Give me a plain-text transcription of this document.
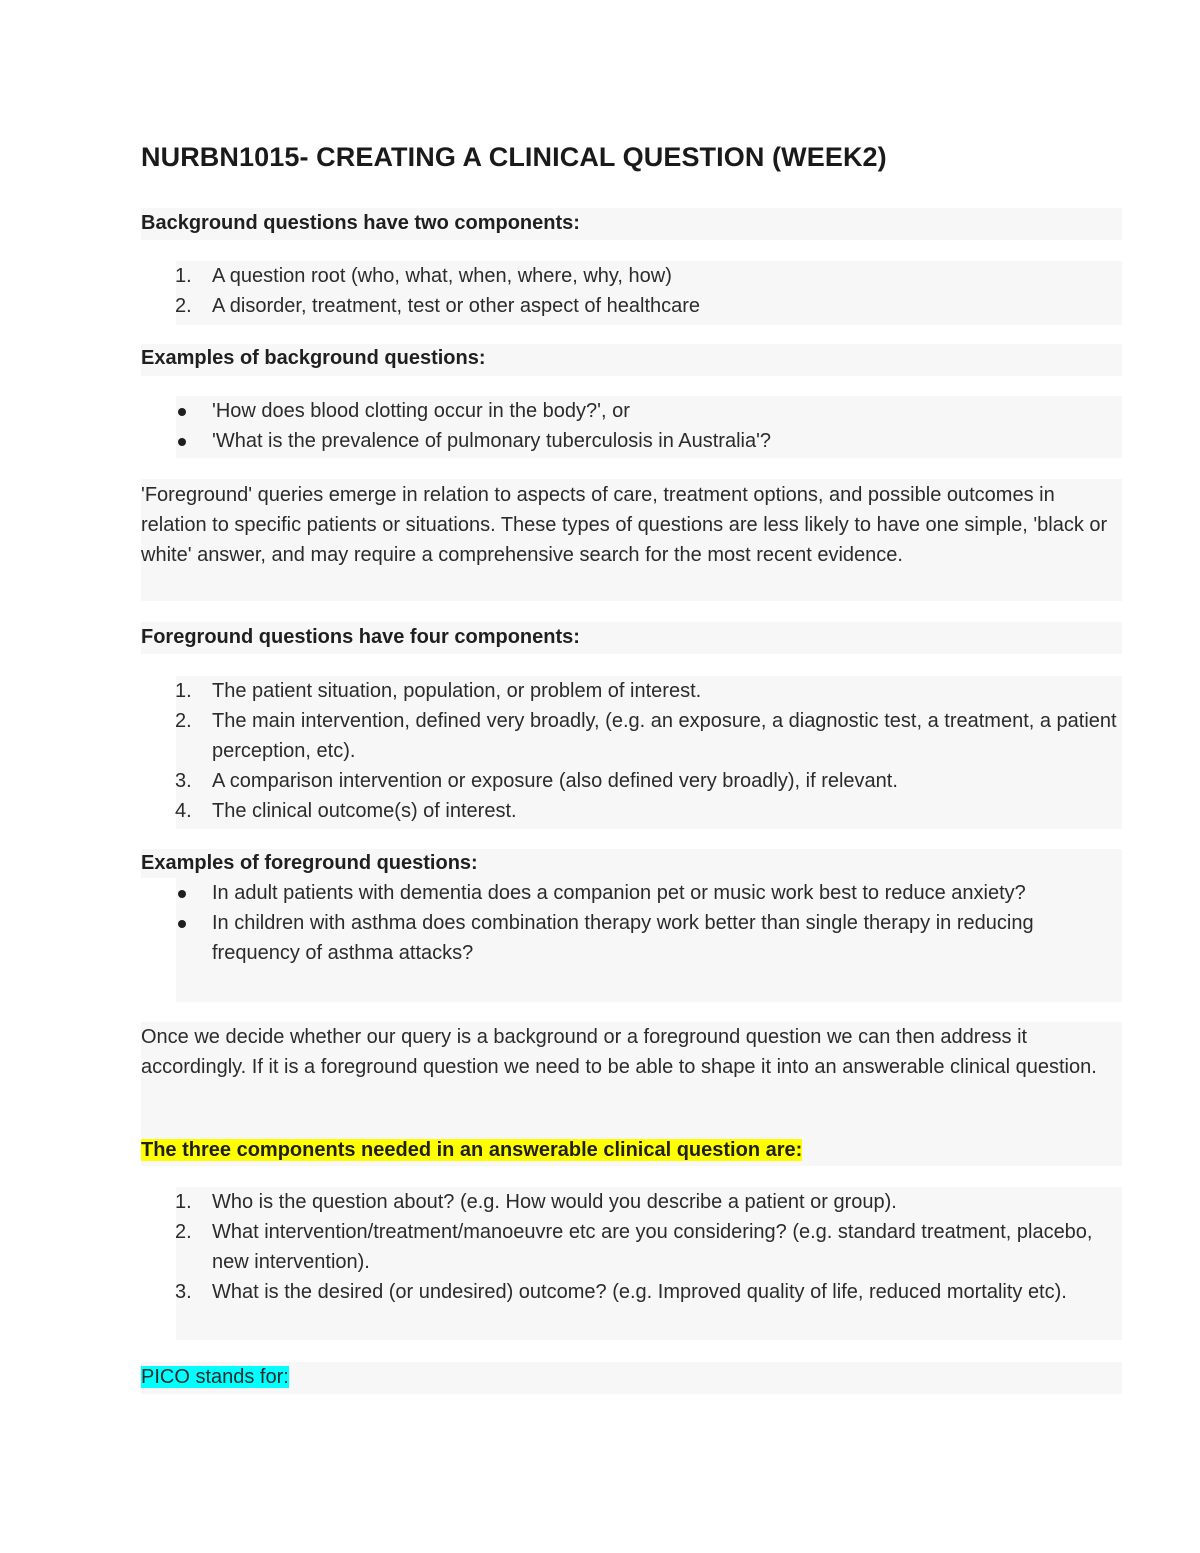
NURBN1015- CREATING A CLINICAL QUESTION (WEEK2)
Background questions have two components:
1.	A question root (who, what, when, where, why, how)
2.	A disorder, treatment, test or other aspect of healthcare
Examples of background questions:
'How does blood clotting occur in the body?', or
'What is the prevalence of pulmonary tuberculosis in Australia'?
'Foreground' queries emerge in relation to aspects of care, treatment options, and possible outcomes in relation to specific patients or situations. These types of questions are less likely to have one simple, 'black or white' answer, and may require a comprehensive search for the most recent evidence.
Foreground questions have four components:
1.	The patient situation, population, or problem of interest.
2.	The main intervention, defined very broadly, (e.g. an exposure, a diagnostic test, a treatment, a patient perception, etc).
3.	A comparison intervention or exposure (also defined very broadly), if relevant.
4.	The clinical outcome(s) of interest.
Examples of foreground questions:
In adult patients with dementia does a companion pet or music work best to reduce anxiety?
In children with asthma does combination therapy work better than single therapy in reducing frequency of asthma attacks?
Once we decide whether our query is a background or a foreground question we can then address it accordingly. If it is a foreground question we need to be able to shape it into an answerable clinical question.
The three components needed in an answerable clinical question are:
1.	Who is the question about? (e.g. How would you describe a patient or group).
2.	What intervention/treatment/manoeuvre etc are you considering? (e.g. standard treatment, placebo, new intervention).
3.	What is the desired (or undesired) outcome? (e.g. Improved quality of life, reduced mortality etc).
PICO stands for:
